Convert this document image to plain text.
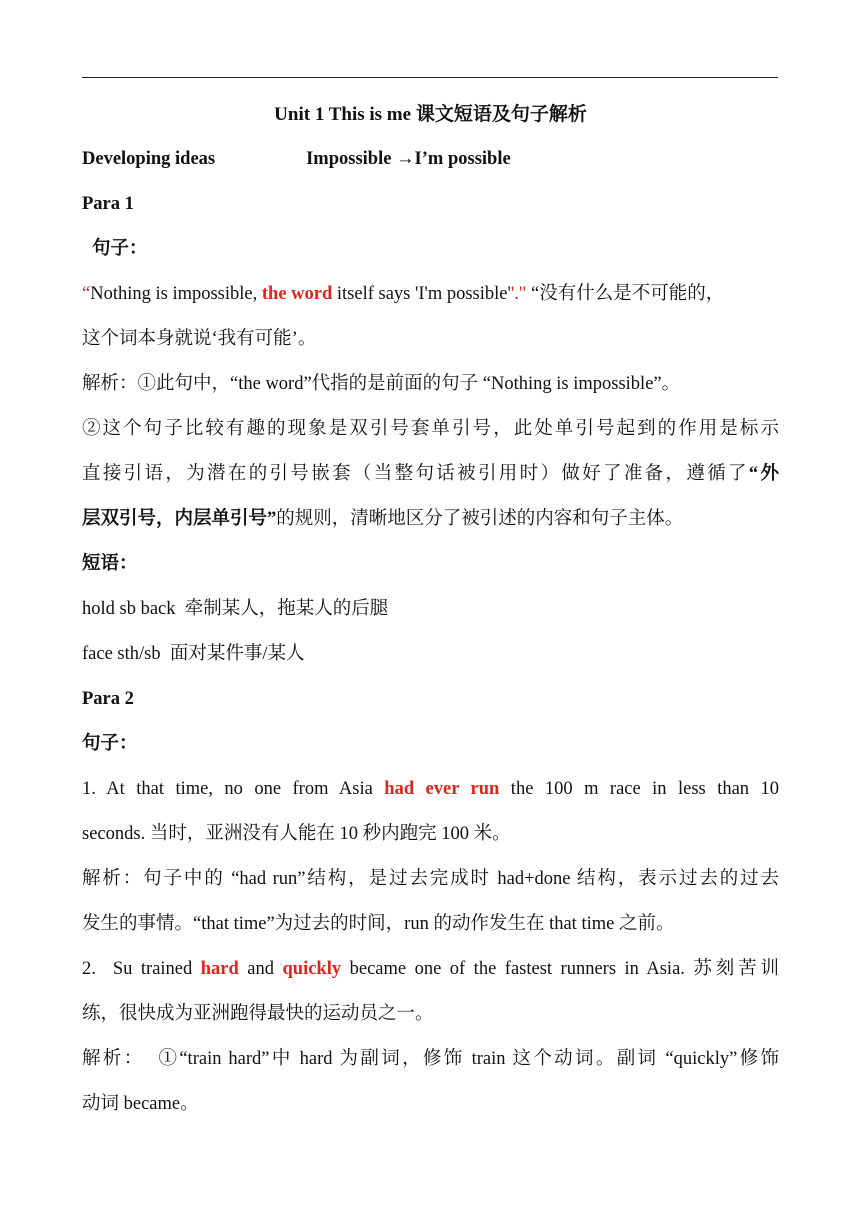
Unit 1 This is me 课文短语及句子解析
Developing ideas	Impossible →I’m possible
Para 1
句子：
“Nothing is impossible, the word itself says 'I'm possible''." “没有什么是不可能的，
这个词本身就说‘我有可能’。
解析：①此句中，“the word”代指的是前面的句子 “Nothing is impossible”。
②这个句子比较有趣的现象是双引号套单引号，此处单引号起到的作用是标示
直接引语，为潜在的引号嵌套（当整句话被引用时）做好了准备，遵循了“外
层双引号，内层单引号”的规则，清晰地区分了被引述的内容和句子主体。
短语：
hold sb back  牵制某人，拖某人的后腿
face sth/sb  面对某件事/某人
Para 2
句子：
1. At that time, no one from Asia had ever run the 100 m race in less than 10
seconds. 当时，亚洲没有人能在 10 秒内跑完 100 米。
解析：句子中的 “had run”结构，是过去完成时 had+done 结构，表示过去的过去
发生的事情。“that time”为过去的时间，run 的动作发生在 that time 之前。
2.  Su trained hard and quickly became one of the fastest runners in Asia. 苏刻苦训
练，很快成为亚洲跑得最快的运动员之一。
解析：  ①“train hard”中 hard 为副词，修饰 train 这个动词。副词 “quickly”修饰
动词 became。
